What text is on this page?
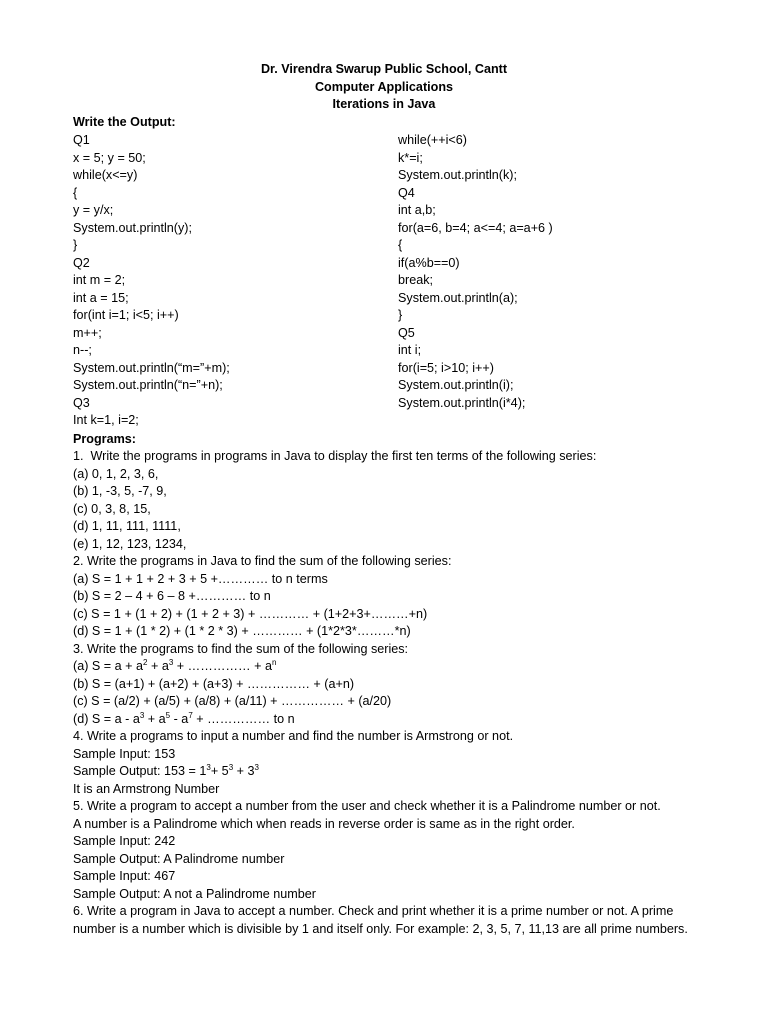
Dr. Virendra Swarup Public School, Cantt
Computer Applications
Iterations in Java
Write the Output:
Q1
x = 5; y = 50;
while(x<=y)
{
y = y/x;
System.out.println(y);
}
Q2
int m = 2;
int a = 15;
for(int i=1; i<5; i++)
m++;
n--;
System.out.println(“m=”+m);
System.out.println(“n=”+n);
Q3
Int k=1, i=2;
while(++i<6)
k*=i;
System.out.println(k);
Q4
int a,b;
for(a=6, b=4; a<=4; a=a+6 )
{
if(a%b==0)
break;
System.out.println(a);
}
Q5
int i;
for(i=5; i>10; i++)
System.out.println(i);
System.out.println(i*4);
Programs:
1.  Write the programs in programs in Java to display the first ten terms of the following series:
(a) 0, 1, 2, 3, 6,
(b) 1, -3, 5, -7, 9,
(c) 0, 3, 8, 15,
(d) 1, 11, 111, 1111,
(e) 1, 12, 123, 1234,
2. Write the programs in Java to find the sum of the following series:
(a) S = 1 + 1 + 2 + 3 + 5 +………… to n terms
(b) S = 2 – 4 + 6 – 8 +………… to n
(c) S = 1 + (1 + 2) + (1 + 2 + 3) + ………… + (1+2+3+………+n)
(d) S = 1 + (1 * 2) + (1 * 2 * 3) + ………… + (1*2*3*………*n)
3. Write the programs to find the sum of the following series:
(a) $S = a + a^2 + a^3$ + …………… + $a^n$
(b) S = (a+1) + (a+2) + (a+3) + …………… + (a+n)
(c) S = (a/2) + (a/5) + (a/8) + (a/11) + …………… + (a/20)
(d) $S = a - a^3 + a^5 - a^7$ + …………… to n
4. Write a programs to input a number and find the number is Armstrong or not.
Sample Input: 153
Sample Output: $153 = 1^3+ 5^3 + 3^3$
It is an Armstrong Number
5. Write a program to accept a number from the user and check whether it is a Palindrome number or not.
A number is a Palindrome which when reads in reverse order is same as in the right order.
Sample Input: 242
Sample Output: A Palindrome number
Sample Input: 467
Sample Output: A not a Palindrome number
6. Write a program in Java to accept a number. Check and print whether it is a prime number or not. A prime number is a number which is divisible by 1 and itself only. For example: 2, 3, 5, 7, 11,13 are all prime numbers.
